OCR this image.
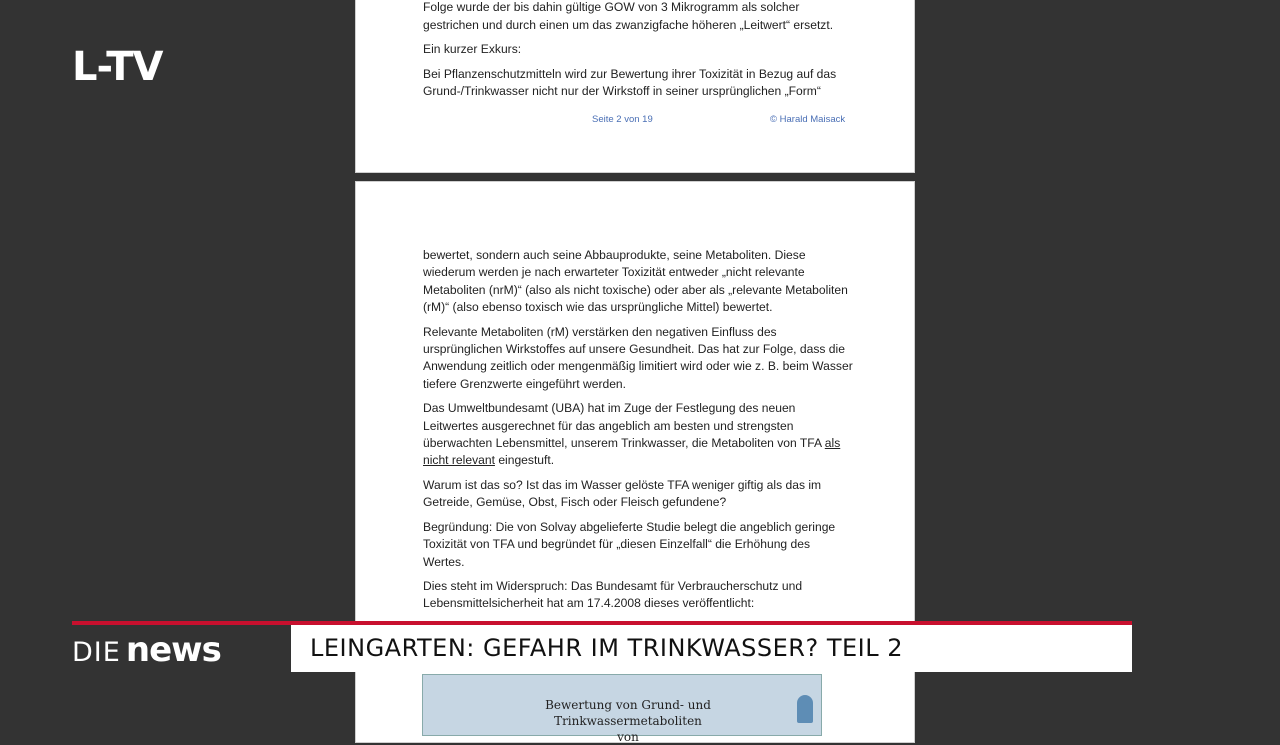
L-TV
Folge wurde der bis dahin gültige GOW von 3 Mikrogramm als solcher
gestrichen und durch einen um das zwanzigfache höheren „Leitwert“ ersetzt.

Ein kurzer Exkurs:

Bei Pflanzenschutzmitteln wird zur Bewertung ihrer Toxizität in Bezug auf das Grund-/Trinkwasser nicht nur der Wirkstoff in seiner ursprünglichen „Form“

Seite 2 von 19	© Harald Maisack

bewertet, sondern auch seine Abbauprodukte, seine Metaboliten. Diese wiederum werden je nach erwarteter Toxizität entweder „nicht relevante Metaboliten (nrM)“ (also als nicht toxische) oder aber als „relevante Metaboliten (rM)“ (also ebenso toxisch wie das ursprüngliche Mittel) bewertet.

Relevante Metaboliten (rM) verstärken den negativen Einfluss des ursprünglichen Wirkstoffes auf unsere Gesundheit. Das hat zur Folge, dass die Anwendung zeitlich oder mengenmäßig limitiert wird oder wie z. B. beim Wasser tiefere Grenzwerte eingeführt werden.

Das Umweltbundesamt (UBA) hat im Zuge der Festlegung des neuen Leitwertes ausgerechnet für das angeblich am besten und strengsten überwachten Lebensmittel, unserem Trinkwasser, die Metaboliten von TFA als nicht relevant eingestuft.

Warum ist das so? Ist das im Wasser gelöste TFA weniger giftig als das im Getreide, Gemüse, Obst, Fisch oder Fleisch gefundene?

Begründung: Die von Solvay abgelieferte Studie belegt die angeblich geringe Toxizität von TFA und begründet für „diesen Einzelfall“ die Erhöhung des Wertes.

Dies steht im Widerspruch: Das Bundesamt für Verbraucherschutz und Lebensmittelsicherheit hat am 17.4.2008 dieses veröffentlicht:

Bewertung von Grund- und Trinkwassermetaboliten von
DIE news	LEINGARTEN: GEFAHR IM TRINKWASSER? TEIL 2
